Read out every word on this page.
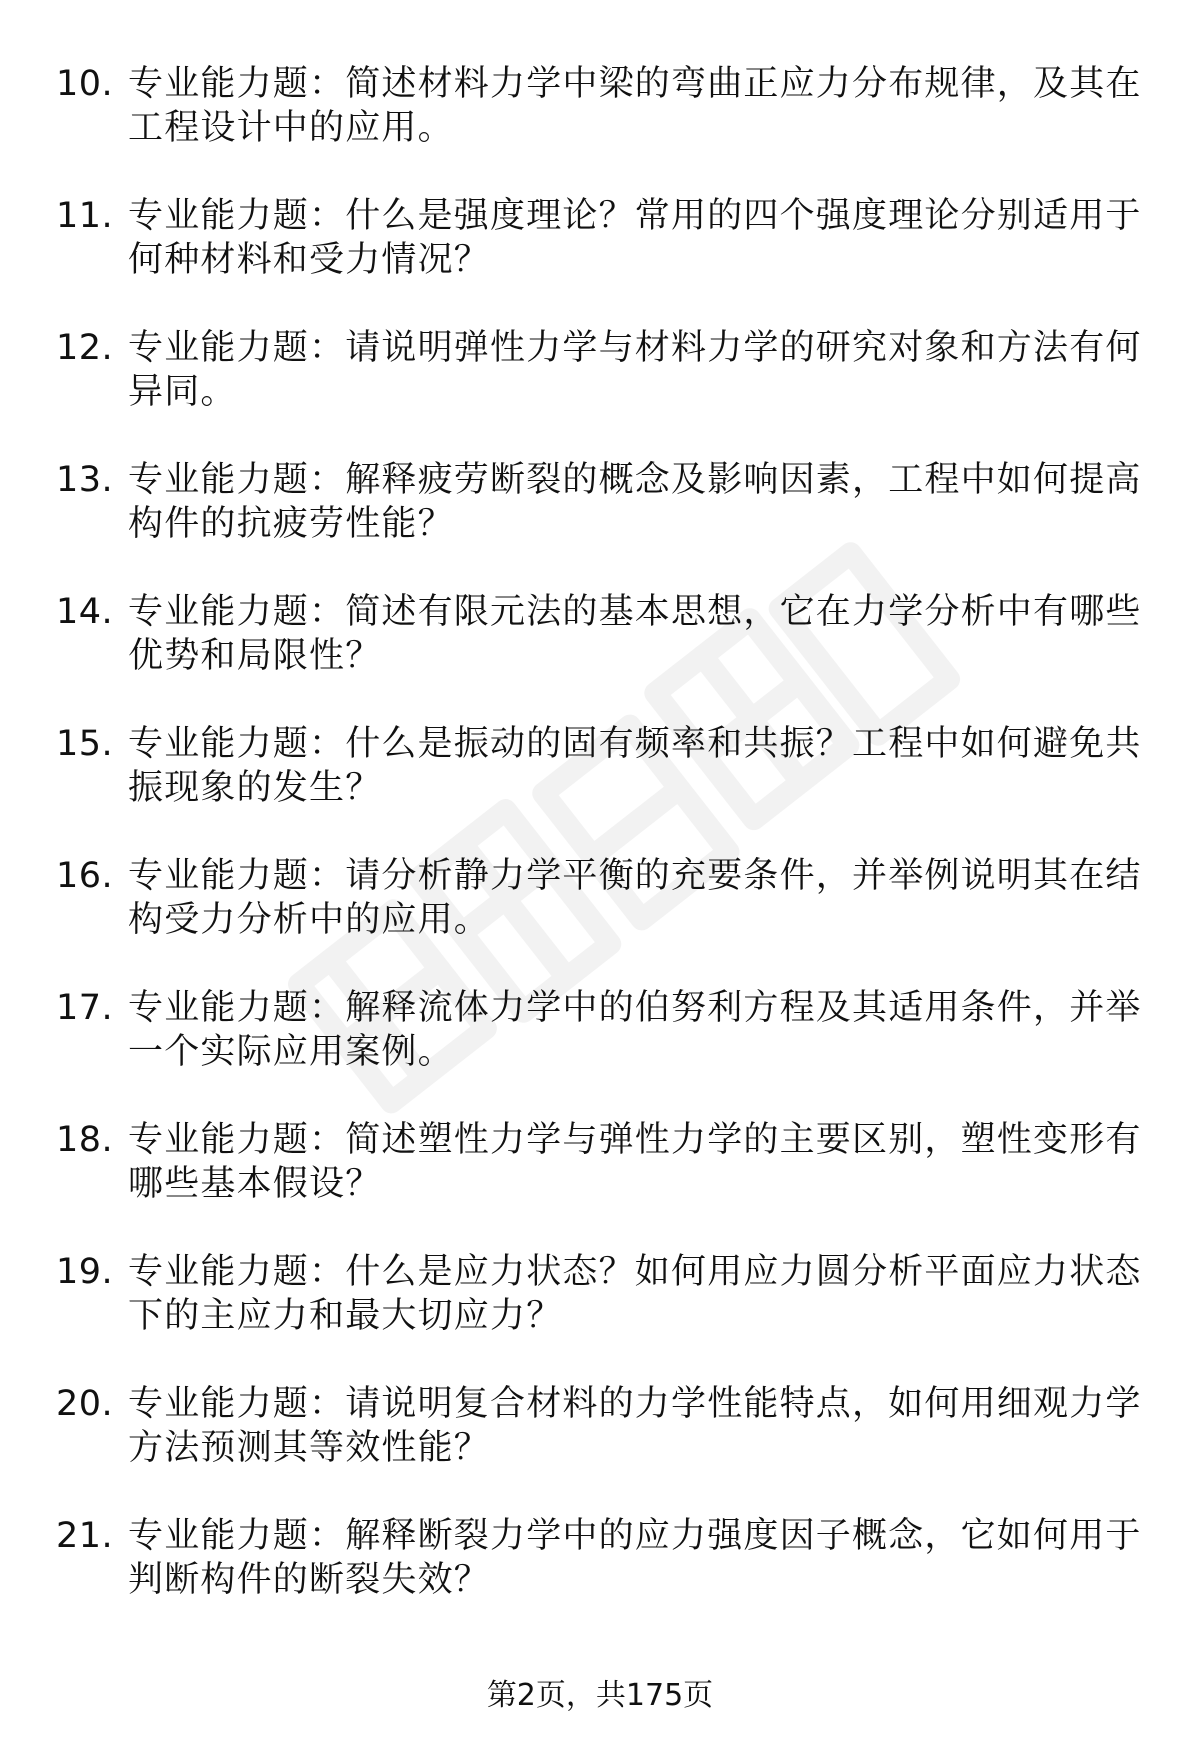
10. 专业能力题：简述材料力学中梁的弯曲正应力分布规律，及其在工程设计中的应用。
11. 专业能力题：什么是强度理论？常用的四个强度理论分别适用于何种材料和受力情况？
12. 专业能力题：请说明弹性力学与材料力学的研究对象和方法有何异同。
13. 专业能力题：解释疲劳断裂的概念及影响因素，工程中如何提高构件的抗疲劳性能？
14. 专业能力题：简述有限元法的基本思想，它在力学分析中有哪些优势和局限性？
15. 专业能力题：什么是振动的固有频率和共振？工程中如何避免共振现象的发生？
16. 专业能力题：请分析静力学平衡的充要条件，并举例说明其在结构受力分析中的应用。
17. 专业能力题：解释流体力学中的伯努利方程及其适用条件，并举一个实际应用案例。
18. 专业能力题：简述塑性力学与弹性力学的主要区别，塑性变形有哪些基本假设？
19. 专业能力题：什么是应力状态？如何用应力圆分析平面应力状态下的主应力和最大切应力？
20. 专业能力题：请说明复合材料的力学性能特点，如何用细观力学方法预测其等效性能？
21. 专业能力题：解释断裂力学中的应力强度因子概念，它如何用于判断构件的断裂失效？
第2页，共175页
